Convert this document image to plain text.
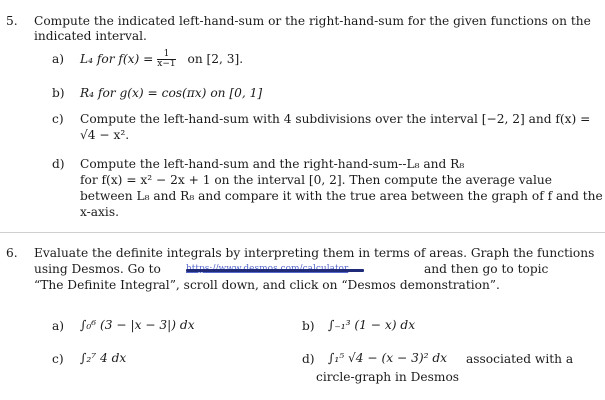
5. Compute the indicated left-hand-sum or the right-hand-sum for the given functions on the
indicated interval.
a) L₄ for $f(x) = \frac{1}{x-1}$ on [2, 3].
b) R₄ for g(x) = cos(πx) on [0, 1]
c) Compute the left-hand-sum with 4 subdivisions over the interval [−2, 2] and f(x) =
√4 − x².
d) Compute the left-hand-sum and the right-hand-sum--L₈ and R₈
for f(x) = x² − 2x + 1 on the interval [0, 2]. Then compute the average value
between L₈ and R₈ and compare it with the true area between the graph of f and the
x-axis.
6. Evaluate the definite integrals by interpreting them in terms of areas. Graph the functions
using Desmos. Go to	and then go to topic
“The Definite Integral”, scroll down, and click on “Desmos demonstration”.
a) ∫₀⁶ (3 − |x − 3|) dx	b) ∫₋₁³ (1 − x) dx
c) ∫₂⁷ 4 dx	d) ∫₁⁵ √4 − (x − 3)² dx associated with a
circle-graph in Desmos
